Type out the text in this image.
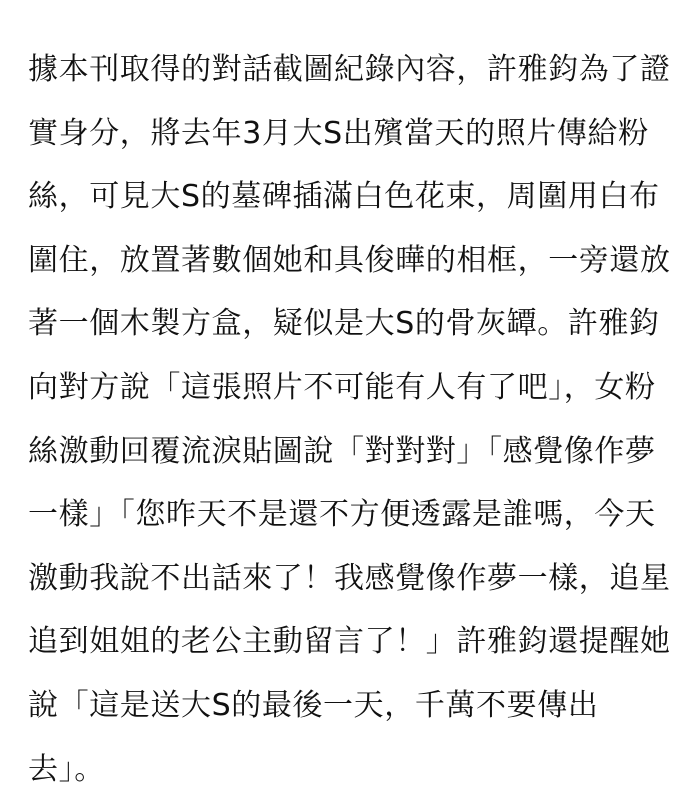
據本刊取得的對話截圖紀錄內容，許雅鈞為了證
實身分，將去年3月大S出殯當天的照片傳給粉
絲，可見大S的墓碑插滿白色花束，周圍用白布
圍住，放置著數個她和具俊曄的相框，一旁還放
著一個木製方盒，疑似是大S的骨灰罈。許雅鈞
向對方說「這張照片不可能有人有了吧」，女粉
絲激動回覆流淚貼圖說「對對對」「感覺像作夢
一樣」「您昨天不是還不方便透露是誰嗎，今天
激動我說不出話來了！我感覺像作夢一樣，追星
追到姐姐的老公主動留言了！」許雅鈞還提醒她
說「這是送大S的最後一天，千萬不要傳出
去」。
